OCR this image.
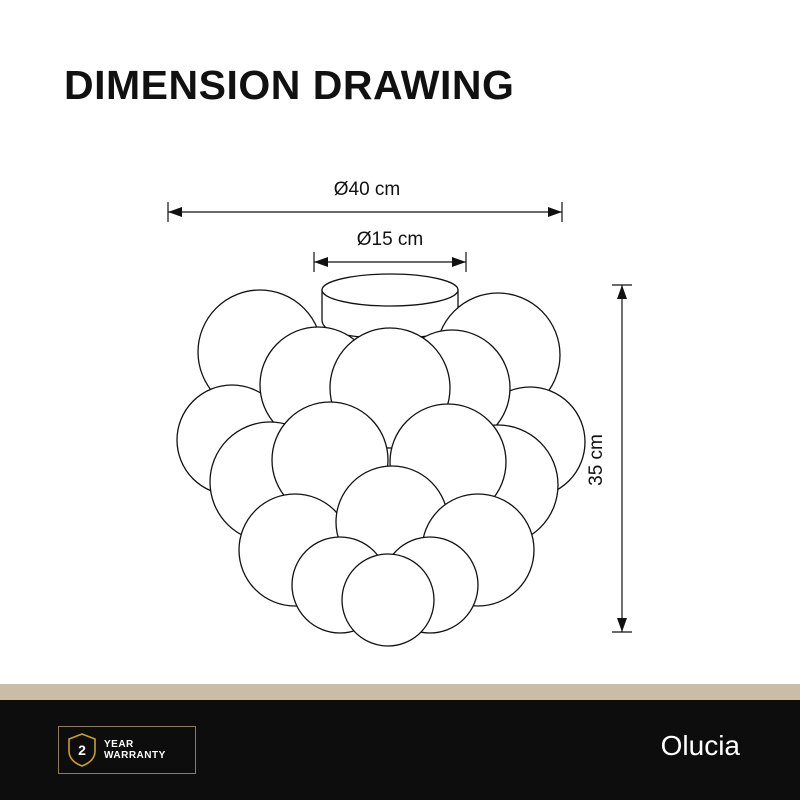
DIMENSION DRAWING
Ø40 cm
Ø15 cm
35 cm
2	YEAR
WARRANTY	Olucia
